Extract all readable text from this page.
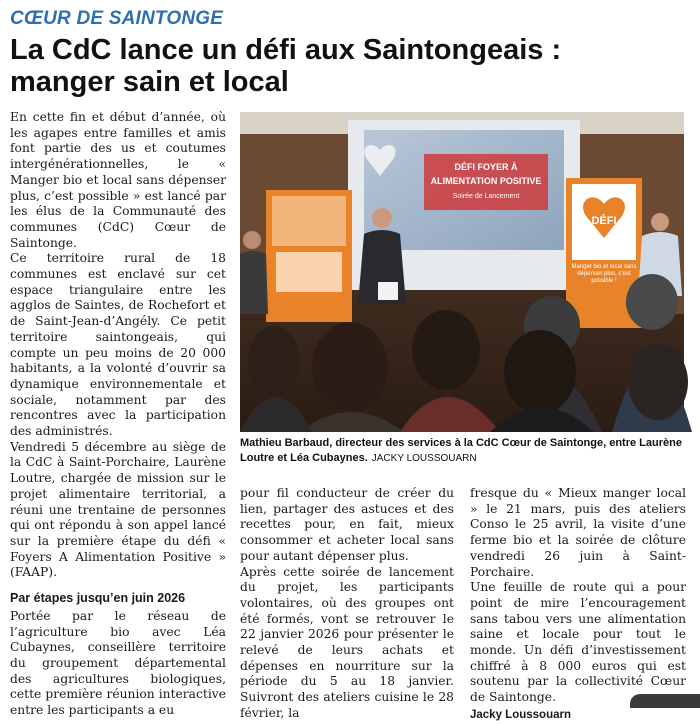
CŒUR DE SAINTONGE
La CdC lance un défi aux Saintongeais : manger sain et local

En cette fin et début d’année, où les agapes entre familles et amis font partie des us et coutumes intergénérationnelles, le « Manger bio et local sans dépenser plus, c’est possible » est lancé par les élus de la Communauté des communes (CdC) Cœur de Saintonge.

Ce territoire rural de 18 communes est enclavé sur cet espace triangulaire entre les agglos de Saintes, de Rochefort et de Saint-Jean-d’Angély. Ce petit territoire saintongeais, qui compte un peu moins de 20 000 habitants, a la volonté d’ouvrir sa dynamique environnementale et sociale, notamment par des rencontres avec la participation des administrés.

Vendredi 5 décembre au siège de la CdC à Saint-Porchaire, Laurène Loutre, chargée de mission sur le projet alimentaire territorial, a réuni une trentaine de personnes qui ont répondu à son appel lancé sur la première étape du défi « Foyers A Alimentation Positive » (FAAP).

Par étapes jusqu’en juin 2026

Portée par le réseau de l’agriculture bio avec Léa Cubaynes, conseillère territoire du groupement départemental des agricultures biologiques, cette première réunion interactive entre les participants a eu

DÉFI FOYER À
ALIMENTATION POSITIVE
Soirée de Lancement
DÉFI
Manger bio et local sans dépenser plus, c’est possible !
Mathieu Barbaud, directeur des services à la CdC Cœur de Saintonge, entre Laurène Loutre et Léa Cubaynes. JACKY LOUSSOUARN

pour fil conducteur de créer du lien, partager des astuces et des recettes pour, en fait, mieux consommer et acheter local sans pour autant dépenser plus.

Après cette soirée de lancement du projet, les participants volontaires, où des groupes ont été formés, vont se retrouver le 22 janvier 2026 pour présenter le relevé de leurs achats et dépenses en nourriture sur la période du 5 au 18 janvier. Suivront des ateliers cuisine le 28 février, la

fresque du « Mieux manger local » le 21 mars, puis des ateliers Conso le 25 avril, la visite d’une ferme bio et la soirée de clôture vendredi 26 juin à Saint-Porchaire.

Une feuille de route qui a pour point de mire l’encouragement sans tabou vers une alimentation saine et locale pour tout le monde. Un défi d’investissement chiffré à 8 000 euros qui est soutenu par la collectivité Cœur de Saintonge.

Jacky Loussouarn
